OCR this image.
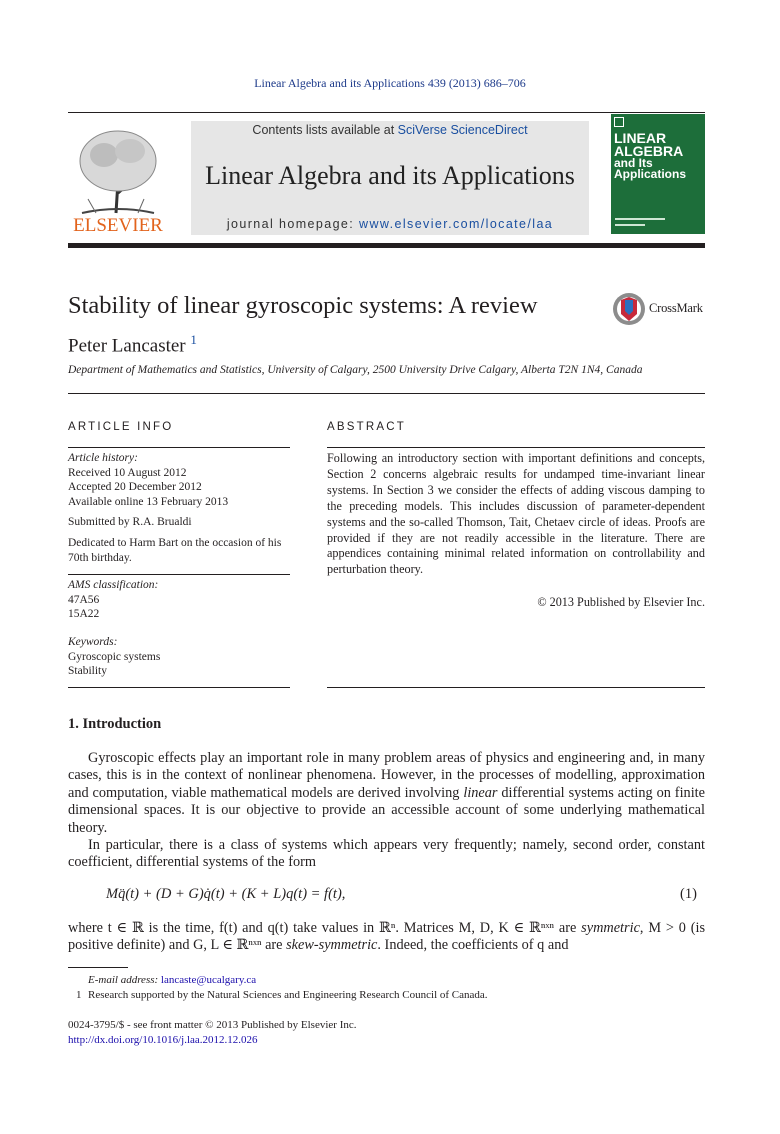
Linear Algebra and its Applications 439 (2013) 686–706
ELSEVIER
Contents lists available at SciVerse ScienceDirect
Linear Algebra and its Applications
journal homepage: www.elsevier.com/locate/laa
LINEAR
ALGEBRA

and Its
Applications
Stability of linear gyroscopic systems: A review	CrossMark
Peter Lancaster $^1$
Department of Mathematics and Statistics, University of Calgary, 2500 University Drive Calgary, Alberta T2N 1N4, Canada
ARTICLE INFO
Article history:
Received 10 August 2012
Accepted 20 December 2012
Available online 13 February 2013
Submitted by R.A. Brualdi
Dedicated to Harm Bart on the occasion of his 70th birthday.
AMS classification:
47A56
15A22
Keywords:
Gyroscopic systems
Stability
ABSTRACT
Following an introductory section with important definitions and concepts, Section 2 concerns algebraic results for undamped time-invariant linear systems. In Section 3 we consider the effects of adding viscous damping to the preceding models. This includes discussion of parameter-dependent systems and the so-called Thomson, Tait, Chetaev circle of ideas. Proofs are provided if they are not readily accessible in the literature. There are appendices containing minimal related information on controllability and perturbation theory.
© 2013 Published by Elsevier Inc.
1. Introduction

Gyroscopic effects play an important role in many problem areas of physics and engineering and, in many cases, this is in the context of nonlinear phenomena. However, in the processes of modelling, approximation and computation, viable mathematical models are derived involving linear differential systems acting on finite dimensional spaces. It is our objective to provide an accessible account of some underlying mathematical theory.

In particular, there is a class of systems which appears very frequently; namely, second order, constant coefficient, differential systems of the form

Mq̈(t) + (D + G)q̇(t) + (K + L)q(t) = f(t),	(1)
where t ∈ ℝ is the time, f(t) and q(t) take values in ℝⁿ. Matrices M, D, K ∈ ℝⁿˣⁿ are symmetric, M > 0 (is positive definite) and G, L ∈ ℝⁿˣⁿ are skew-symmetric. Indeed, the coefficients of q and
E-mail address: lancaste@ucalgary.ca
1 Research supported by the Natural Sciences and Engineering Research Council of Canada.
0024-3795/$ - see front matter © 2013 Published by Elsevier Inc.
http://dx.doi.org/10.1016/j.laa.2012.12.026
